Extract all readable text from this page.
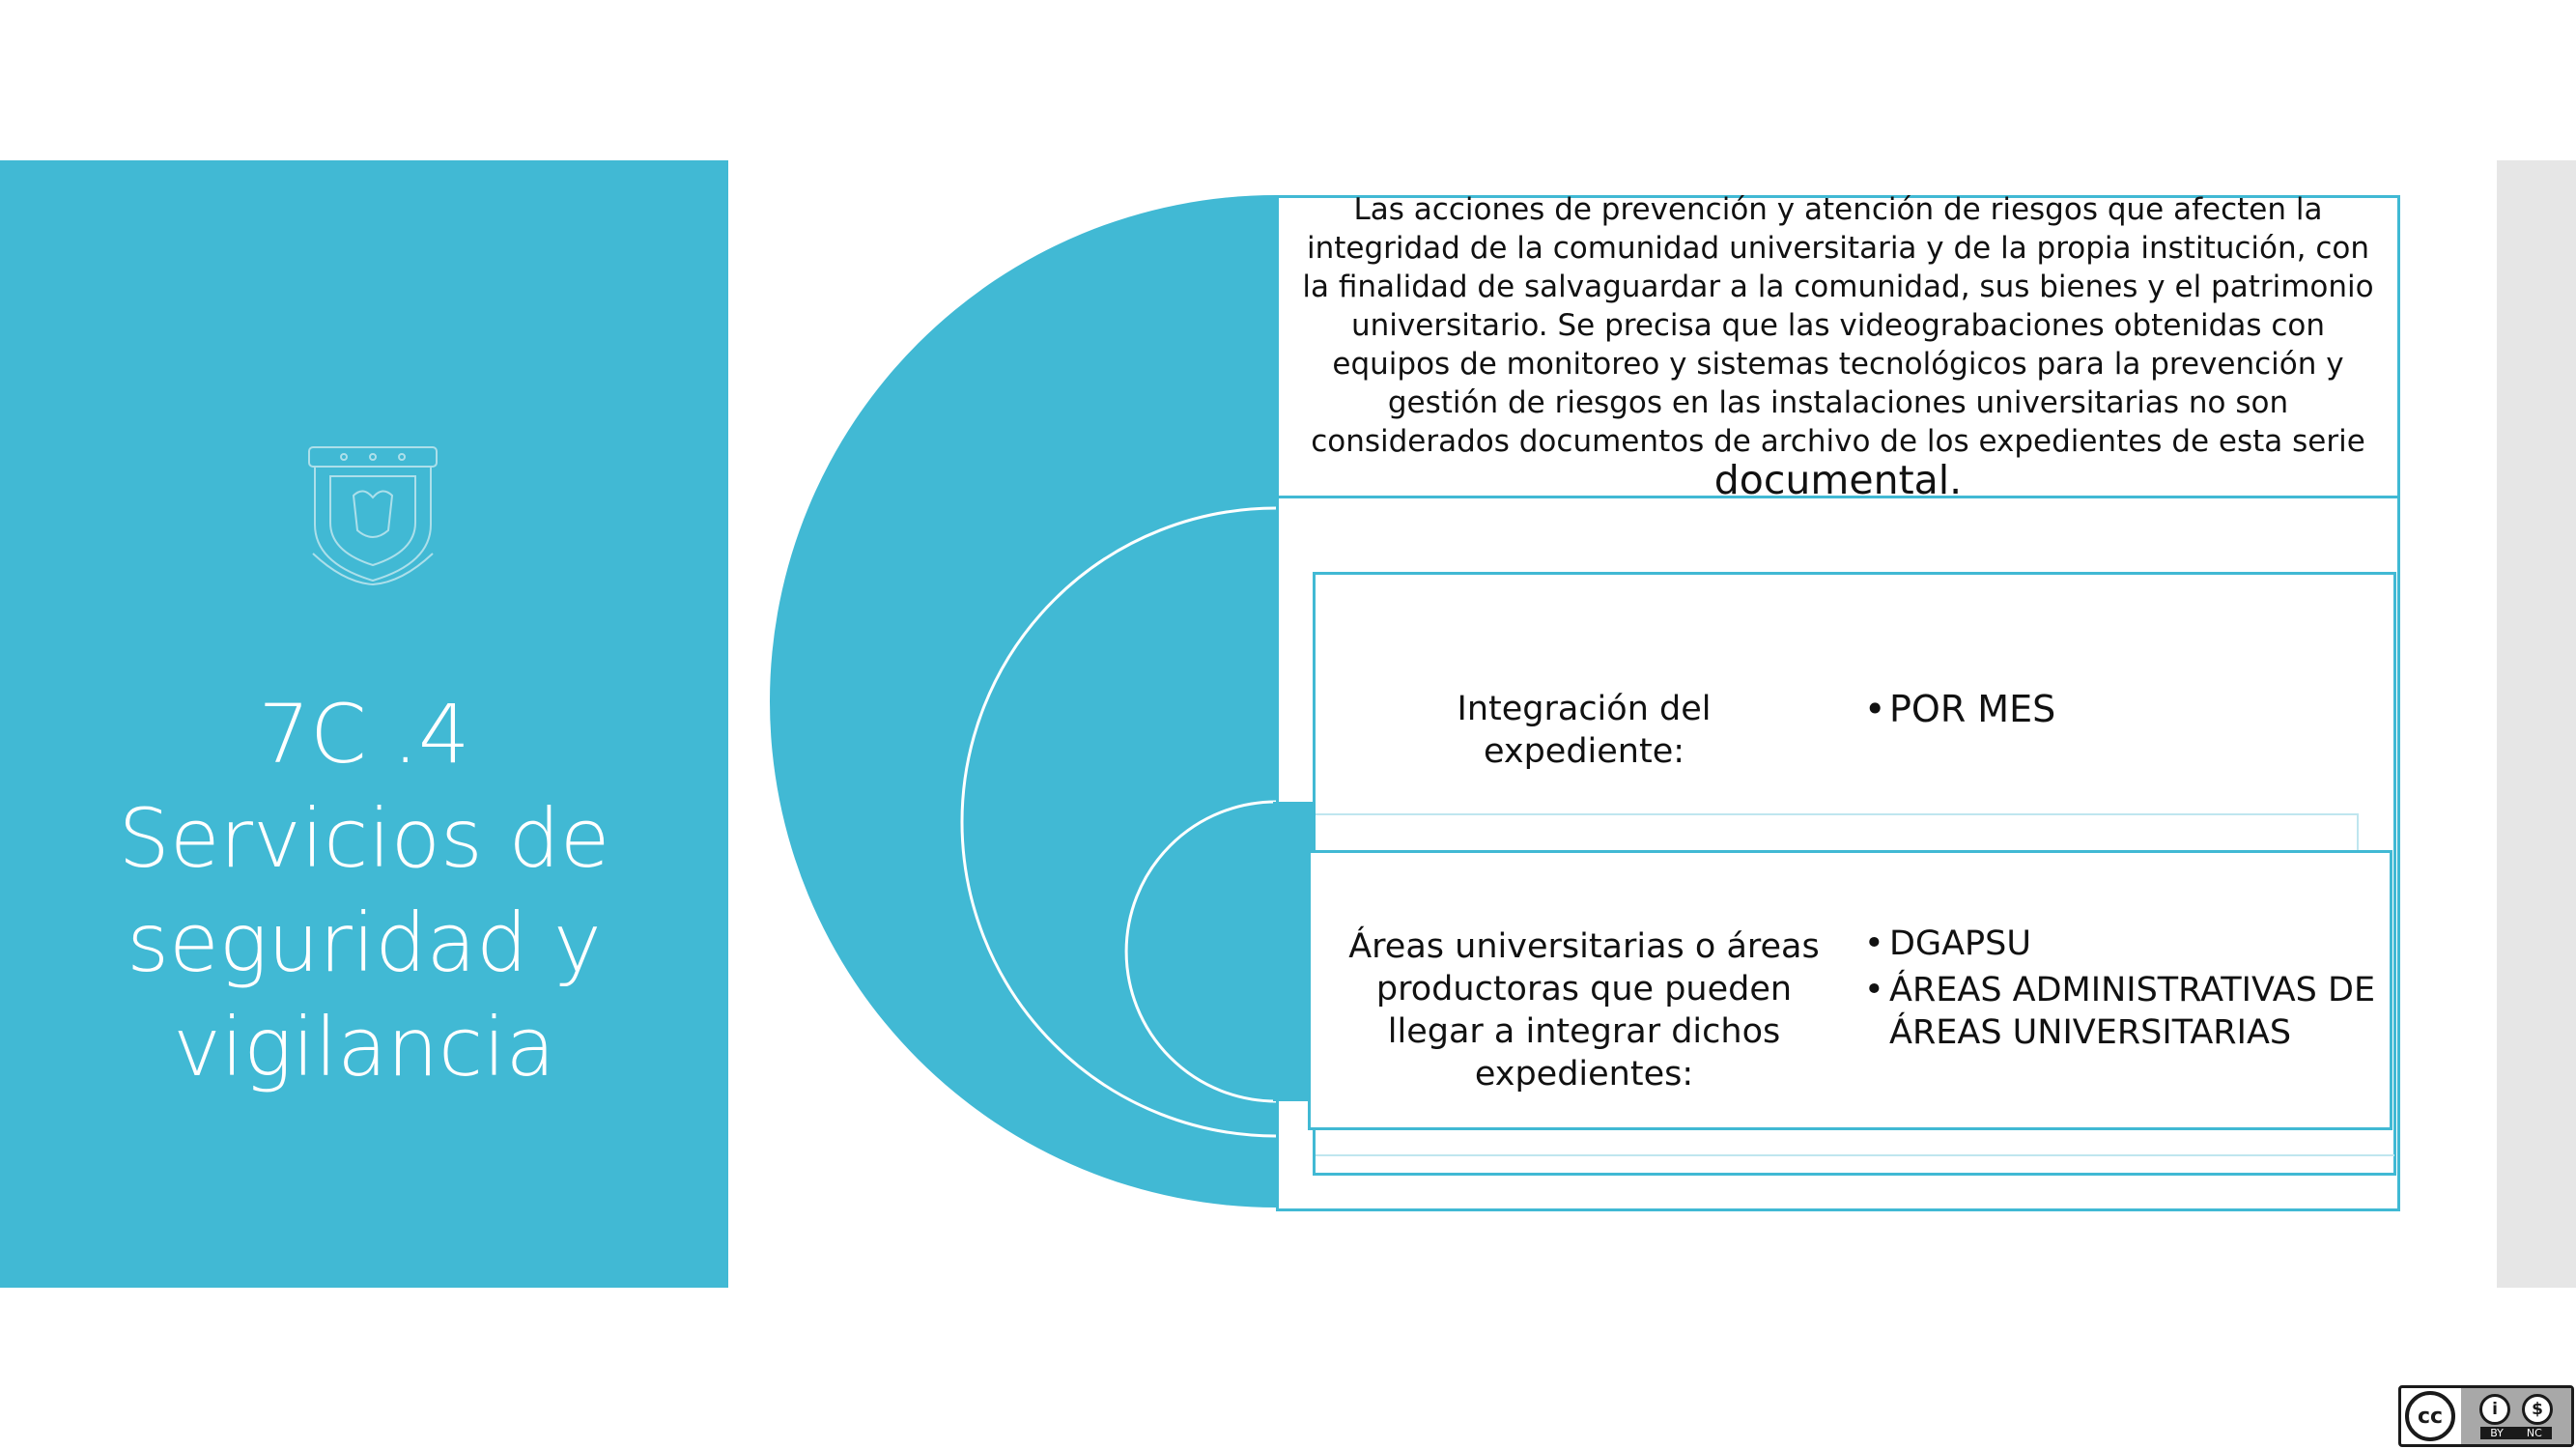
7C .4
Servicios de
seguridad y
vigilancia
Las acciones de prevención y atención de riesgos que afecten la integridad de la comunidad universitaria y de la propia institución, con la finalidad de salvaguardar a la comunidad, sus bienes y el patrimonio universitario. Se precisa que las videograbaciones obtenidas con equipos de monitoreo y sistemas tecnológicos para la prevención y gestión de riesgos en las instalaciones universitarias no son considerados documentos de archivo de los expedientes de esta serie documental.
Integración del expediente:
• POR MES
Áreas universitarias o áreas productoras que pueden llegar a integrar dichos expedientes:
• DGAPSU
• ÁREAS ADMINISTRATIVAS DE ÁREAS UNIVERSITARIAS
cc	i	$
BY NC
